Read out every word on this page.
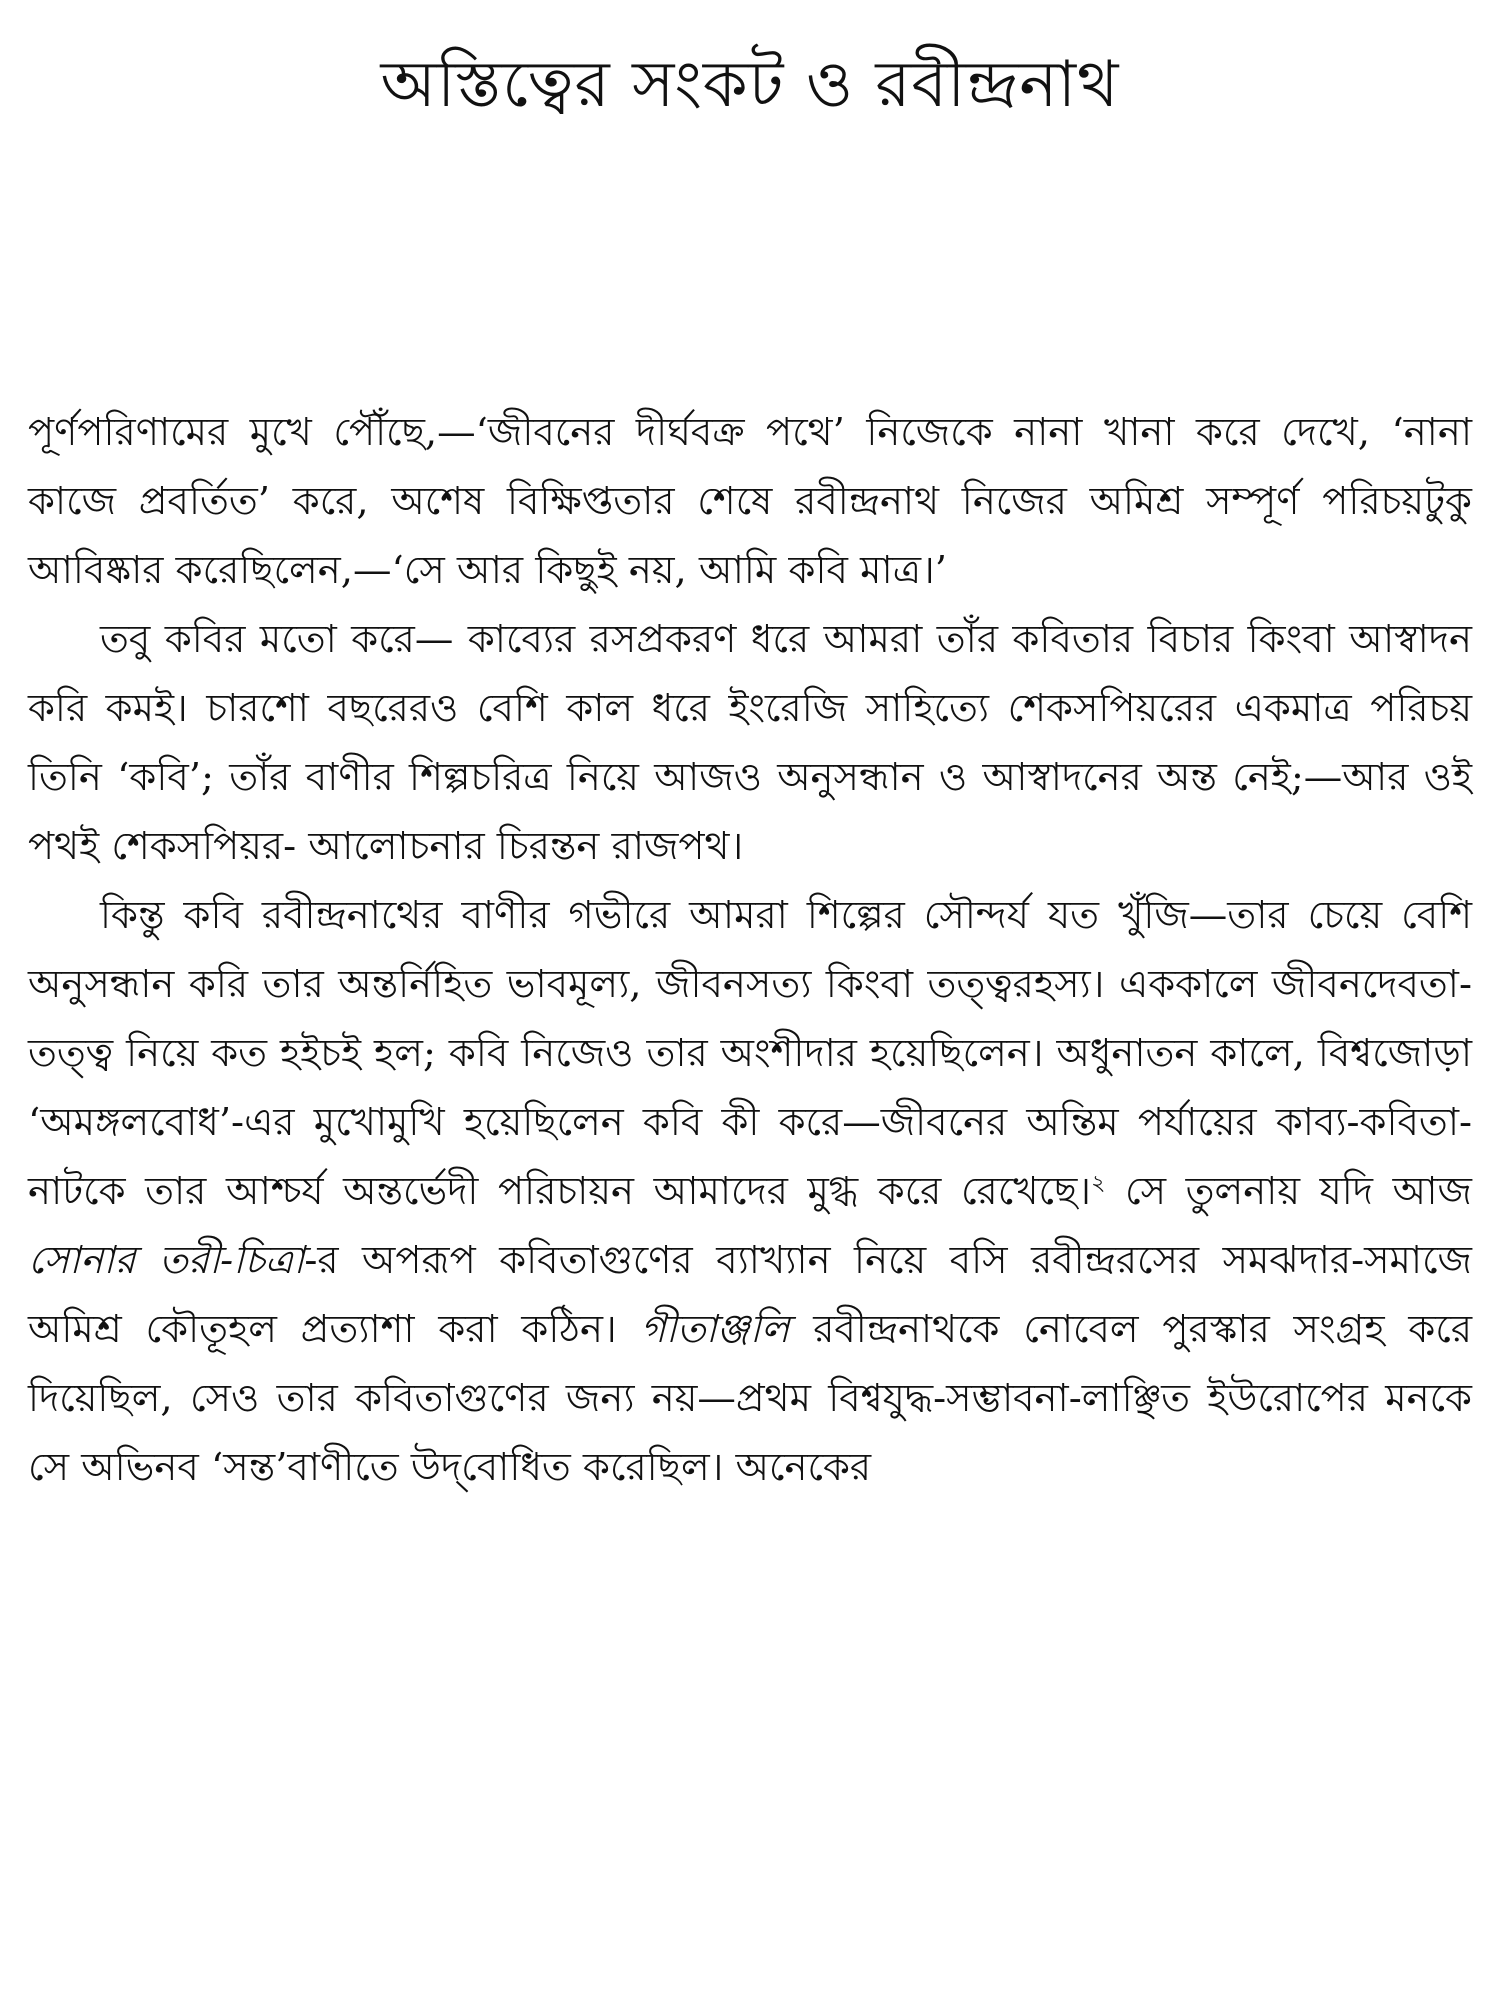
অস্তিত্বের সংকট ও রবীন্দ্রনাথ

পূর্ণপরিণামের মুখে পৌঁছে,—‘জীবনের দীর্ঘবক্র পথে’ নিজেকে নানা খানা করে দেখে, ‘নানা কাজে প্রবর্তিত’ করে, অশেষ বিক্ষিপ্ততার শেষে রবীন্দ্রনাথ নিজের অমিশ্র সম্পূর্ণ পরিচয়টুকু আবিষ্কার করেছিলেন,—‘সে আর কিছুই নয়, আমি কবি মাত্র।’

তবু কবির মতো করে— কাব্যের রসপ্রকরণ ধরে আমরা তাঁর কবিতার বিচার কিংবা আস্বাদন করি কমই। চারশো বছরেরও বেশি কাল ধরে ইংরেজি সাহিত্যে শেকসপিয়রের একমাত্র পরিচয় তিনি ‘কবি’; তাঁর বাণীর শিল্পচরিত্র নিয়ে আজও অনুসন্ধান ও আস্বাদনের অন্ত নেই;—আর ওই পথই শেকসপিয়র- আলোচনার চিরন্তন রাজপথ।

কিন্তু কবি রবীন্দ্রনাথের বাণীর গভীরে আমরা শিল্পের সৌন্দর্য যত খুঁজি—তার চেয়ে বেশি অনুসন্ধান করি তার অন্তর্নিহিত ভাবমূল্য, জীবনসত্য কিংবা তত্ত্বরহস্য। এককালে জীবনদেবতা-তত্ত্ব নিয়ে কত হইচই হল; কবি নিজেও তার অংশীদার হয়েছিলেন। অধুনাতন কালে, বিশ্বজোড়া ‘অমঙ্গলবোধ’-এর মুখোমুখি হয়েছিলেন কবি কী করে—জীবনের অন্তিম পর্যায়ের কাব্য-কবিতা-নাটকে তার আশ্চর্য অন্তর্ভেদী পরিচায়ন আমাদের মুগ্ধ করে রেখেছে।$^২$ সে তুলনায় যদি আজ সোনার তরী-চিত্রা-র অপরূপ কবিতাগুণের ব্যাখ্যান নিয়ে বসি রবীন্দ্ররসের সমঝদার-সমাজে অমিশ্র কৌতূহল প্রত্যাশা করা কঠিন। গীতাঞ্জলি রবীন্দ্রনাথকে নোবেল পুরস্কার সংগ্রহ করে দিয়েছিল, সেও তার কবিতাগুণের জন্য নয়—প্রথম বিশ্বযুদ্ধ-সম্ভাবনা-লাঞ্ছিত ইউরোপের মনকে সে অভিনব ‘সন্ত’বাণীতে উদ্‌বোধিত করেছিল। অনেকের
